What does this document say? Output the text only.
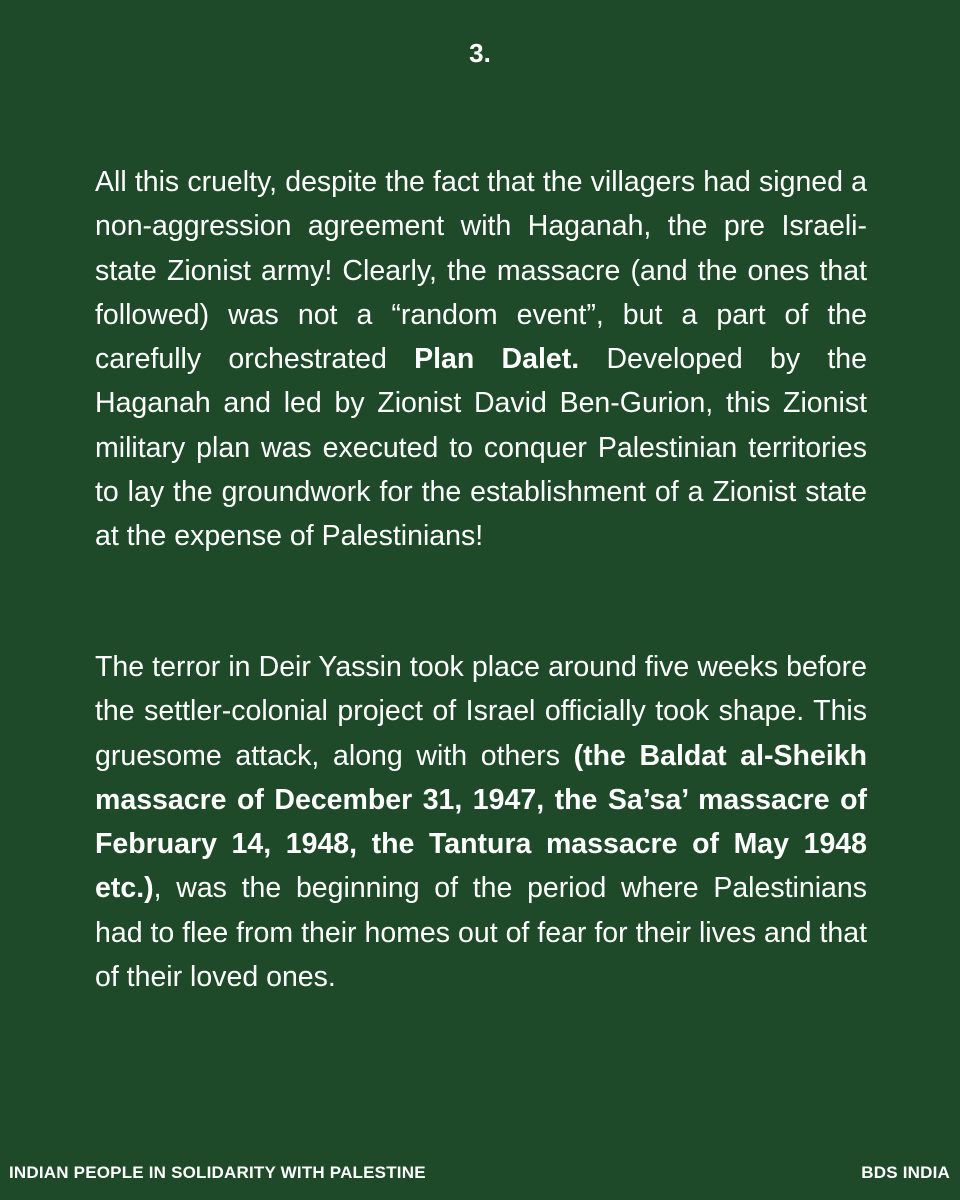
3.

All this cruelty, despite the fact that the villagers had signed a non-aggression agreement with Haganah, the pre Israeli-state Zionist army! Clearly, the massacre (and the ones that followed) was not a “random event”, but a part of the carefully orchestrated Plan Dalet. Developed by the Haganah and led by Zionist David Ben-Gurion, this Zionist military plan was executed to conquer Palestinian territories to lay the groundwork for the establishment of a Zionist state at the expense of Palestinians!

The terror in Deir Yassin took place around five weeks before the settler-colonial project of Israel officially took shape. This gruesome attack, along with others (the Baldat al-Sheikh massacre of December 31, 1947, the Sa’sa’ massacre of February 14, 1948, the Tantura massacre of May 1948 etc.), was the beginning of the period where Palestinians had to flee from their homes out of fear for their lives and that of their loved ones.

INDIAN PEOPLE IN SOLIDARITY WITH PALESTINE	BDS INDIA
